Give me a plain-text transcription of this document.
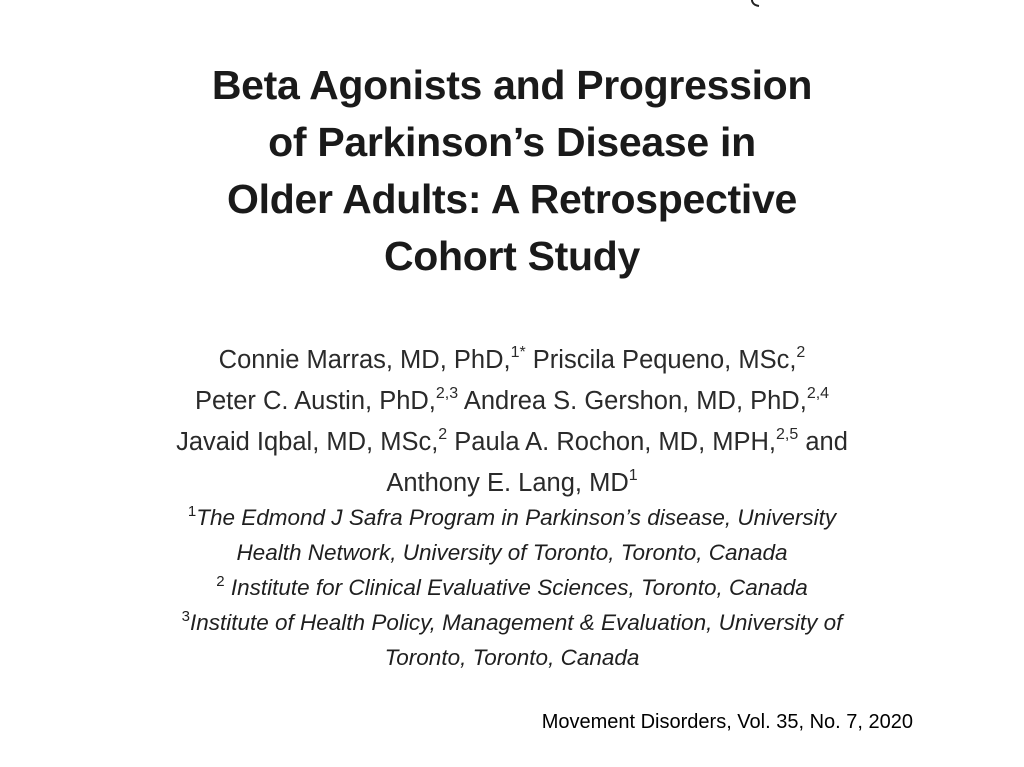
Beta Agonists and Progression
of Parkinson’s Disease in
Older Adults: A Retrospective
Cohort Study
Connie Marras, MD, PhD,$^{1*}$ Priscila Pequeno, MSc,$^2$
Peter C. Austin, PhD,$^{2,3}$ Andrea S. Gershon, MD, PhD,$^{2,4}$
Javaid Iqbal, MD, MSc,$^2$ Paula A. Rochon, MD, MPH,$^{2,5}$ and
Anthony E. Lang, $MD^1$
$^1$The Edmond J Safra Program in Parkinson’s disease, University
Health Network, University of Toronto, Toronto, Canada
$^2$ Institute for Clinical Evaluative Sciences, Toronto, Canada
$^3$Institute of Health Policy, Management & Evaluation, University of
Toronto, Toronto, Canada
Movement Disorders, Vol. 35, No. 7, 2020
